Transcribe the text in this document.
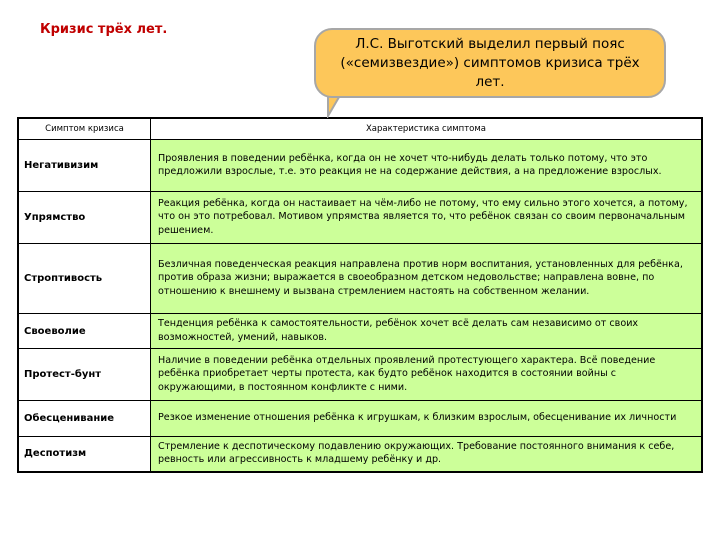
Кризис трёх лет.
Л.С. Выготский выделил первый пояс («семизвездие») симптомов кризиса трёх лет.
Симптом кризиса	Характеристика симптома
Негативизим	Проявления в поведении ребёнка, когда он не хочет что-нибудь делать только потому, что это предложили взрослые, т.е. это реакция не на содержание действия, а на предложение взрослых.
Упрямство	Реакция ребёнка, когда он настаивает на чём-либо не потому, что ему сильно этого хочется, а потому, что он это потребовал. Мотивом упрямства является то, что ребёнок связан со своим первоначальным решением.
Строптивость	Безличная поведенческая реакция направлена против норм воспитания, установленных для ребёнка, против образа жизни; выражается в своеобразном детском недовольстве; направлена вовне, по отношению к внешнему и вызвана стремлением настоять на собственном желании.
Своеволие	Тенденция ребёнка к самостоятельности, ребёнок хочет всё делать сам независимо от своих возможностей, умений, навыков.
Протест-бунт	Наличие в поведении ребёнка отдельных проявлений протестующего характера. Всё поведение ребёнка приобретает черты протеста, как будто ребёнок находится в состоянии войны с окружающими, в постоянном конфликте с ними.
Обесценивание	Резкое изменение отношения ребёнка к игрушкам, к близким взрослым, обесценивание их личности
Деспотизм	Стремление к деспотическому подавлению окружающих. Требование постоянного внимания к себе, ревность или агрессивность к младшему ребёнку и др.
